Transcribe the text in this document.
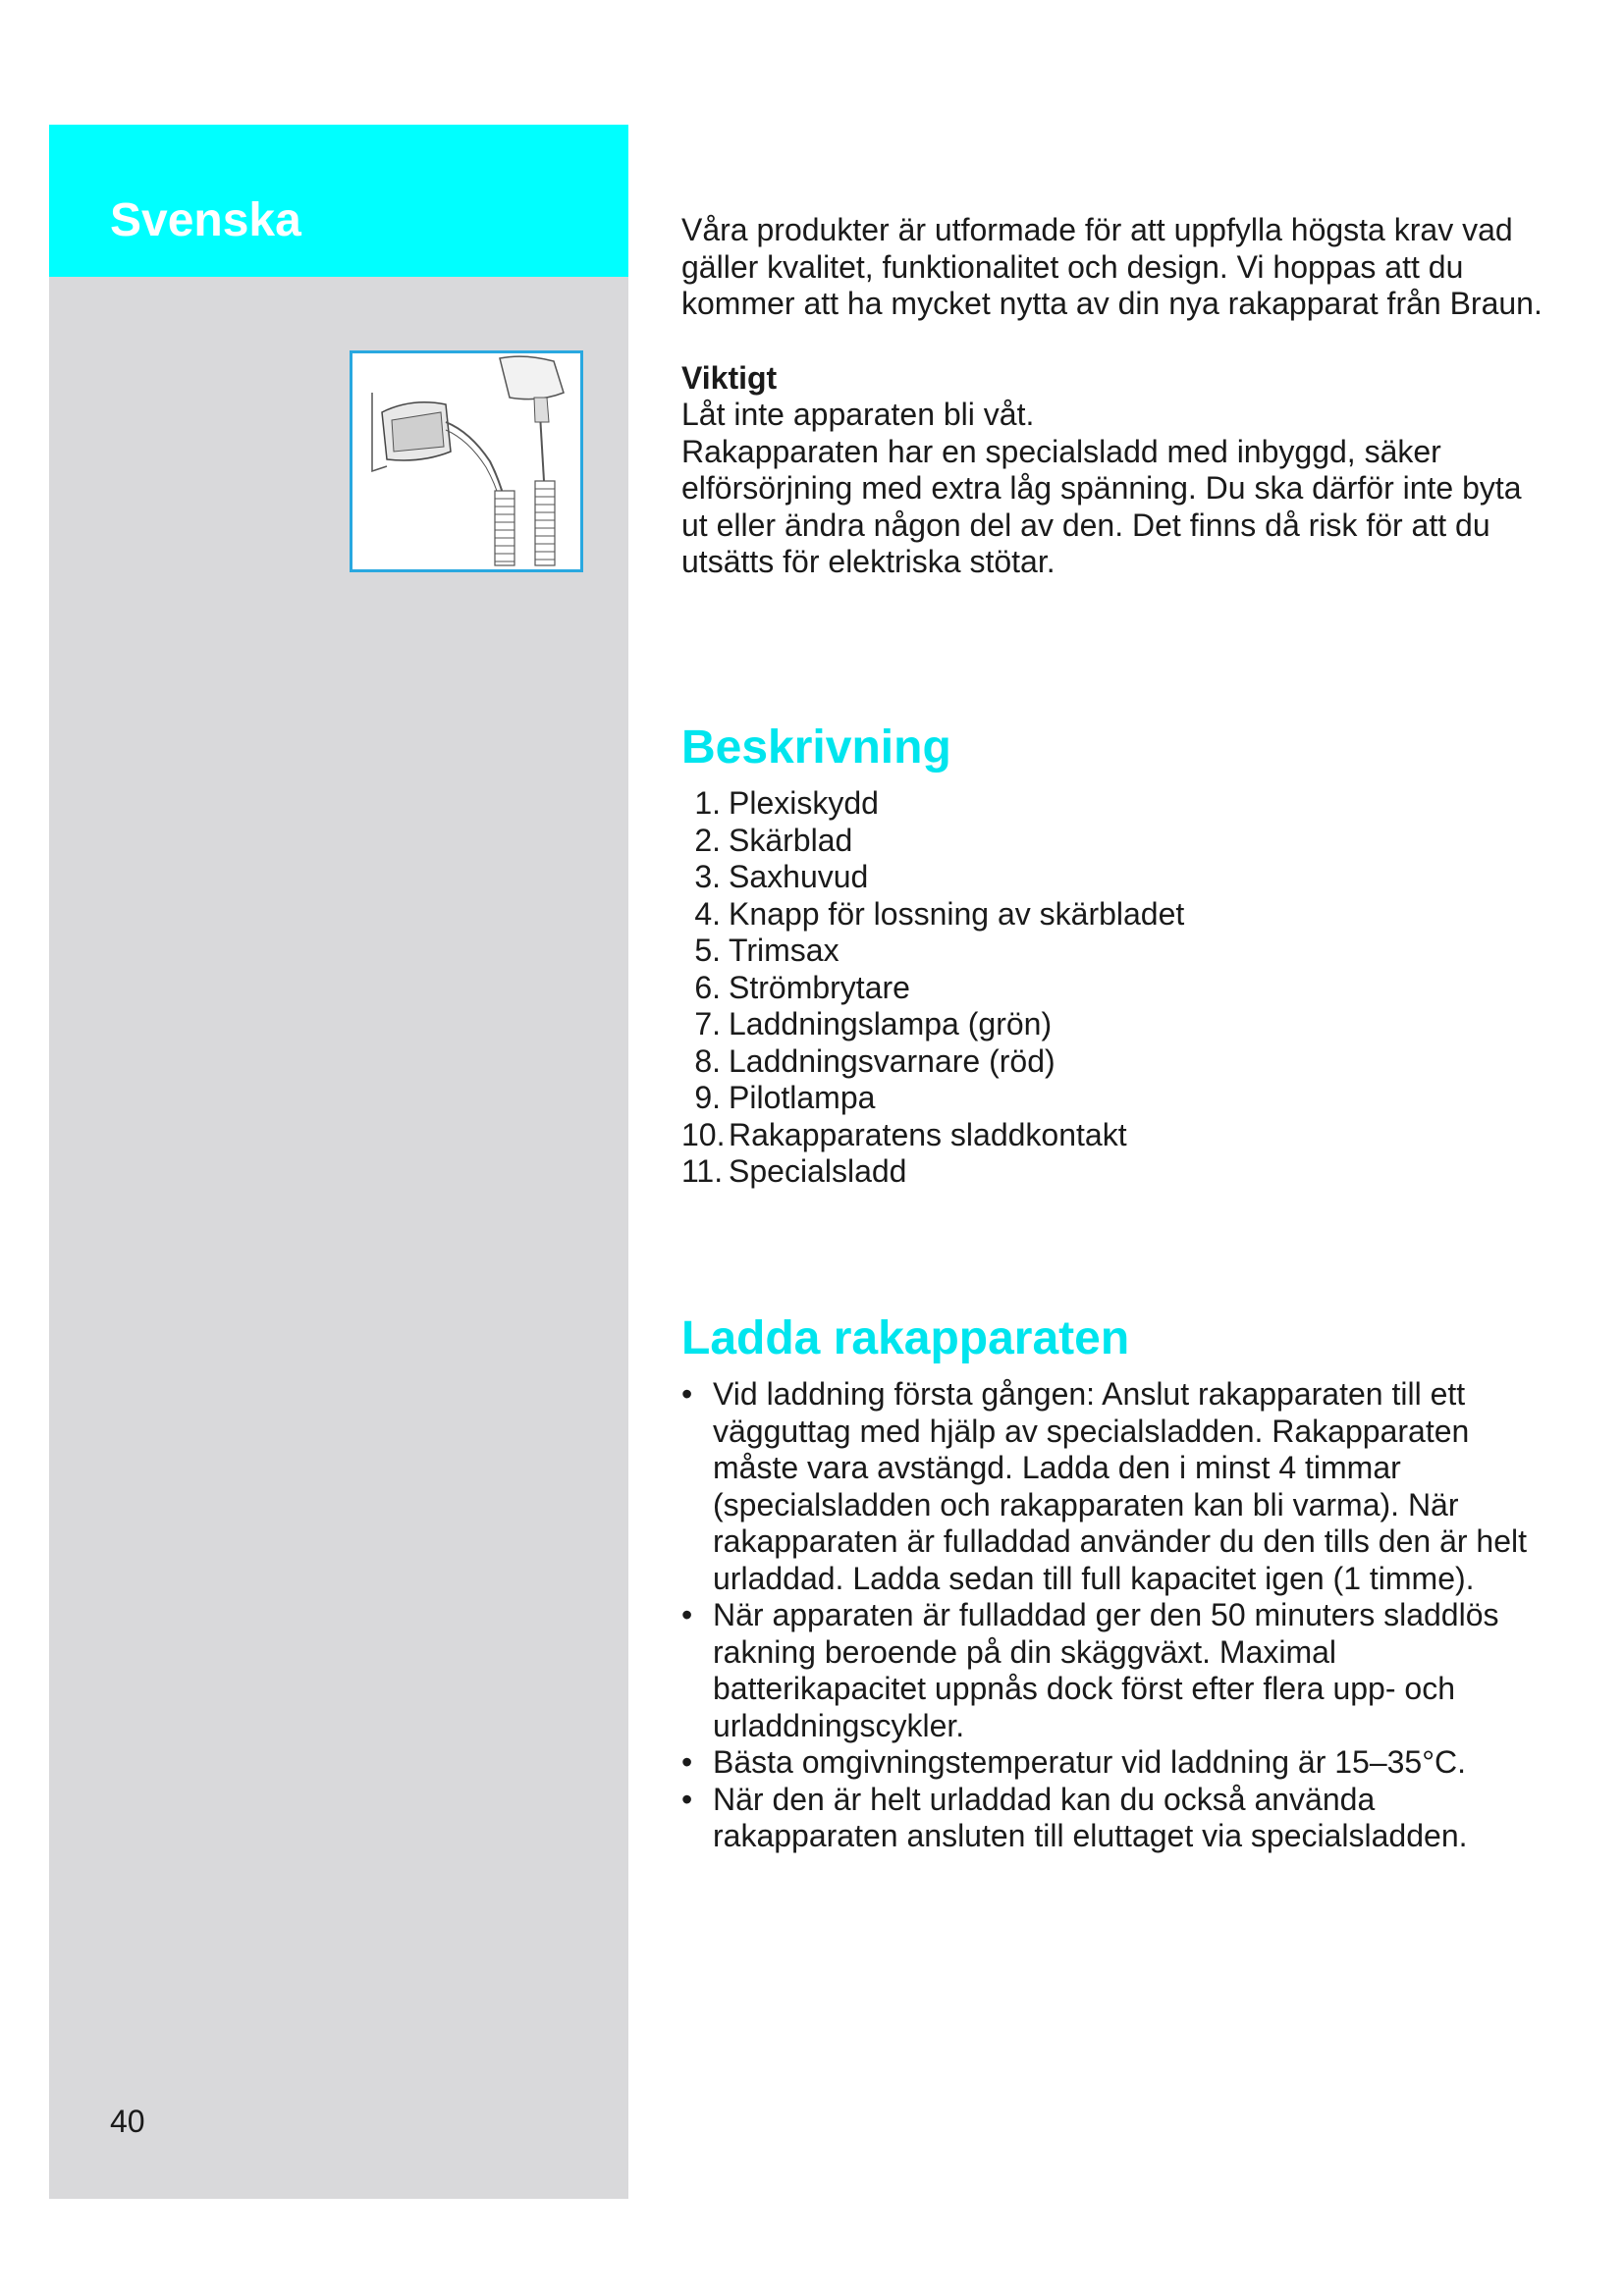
Svenska
40

Våra produkter är utformade för att uppfylla högsta krav vad gäller kvalitet, funktionalitet och design. Vi hoppas att du kommer att ha mycket nytta av din nya rakapparat från Braun.

Viktigt

Låt inte apparaten bli våt.

Rakapparaten har en specialsladd med inbyggd, säker elförsörjning med extra låg spänning. Du ska därför inte byta ut eller ändra någon del av den. Det finns då risk för att du utsätts för elektriska stötar.

Beskrivning
1. Plexiskydd
2. Skärblad
3. Saxhuvud
4. Knapp för lossning av skärbladet
5. Trimsax
6. Strömbrytare
7. Laddningslampa (grön)
8. Laddningsvarnare (röd)
9. Pilotlampa
10. Rakapparatens sladdkontakt
11. Specialsladd
Ladda rakapparaten
• Vid laddning första gången: Anslut rakapparaten till ett vägguttag med hjälp av specialsladden. Rakapparaten måste vara avstängd. Ladda den i minst 4 timmar (specialsladden och rakapparaten kan bli varma). När rakapparaten är fulladdad använder du den tills den är helt urladdad. Ladda sedan till full kapacitet igen (1 timme).
• När apparaten är fulladdad ger den 50 minuters sladdlös rakning beroende på din skäggväxt. Maximal batterikapacitet uppnås dock först efter flera upp- och urladdningscykler.
• Bästa omgivningstemperatur vid laddning är 15–35°C.
• När den är helt urladdad kan du också använda rakapparaten ansluten till eluttaget via specialsladden.
